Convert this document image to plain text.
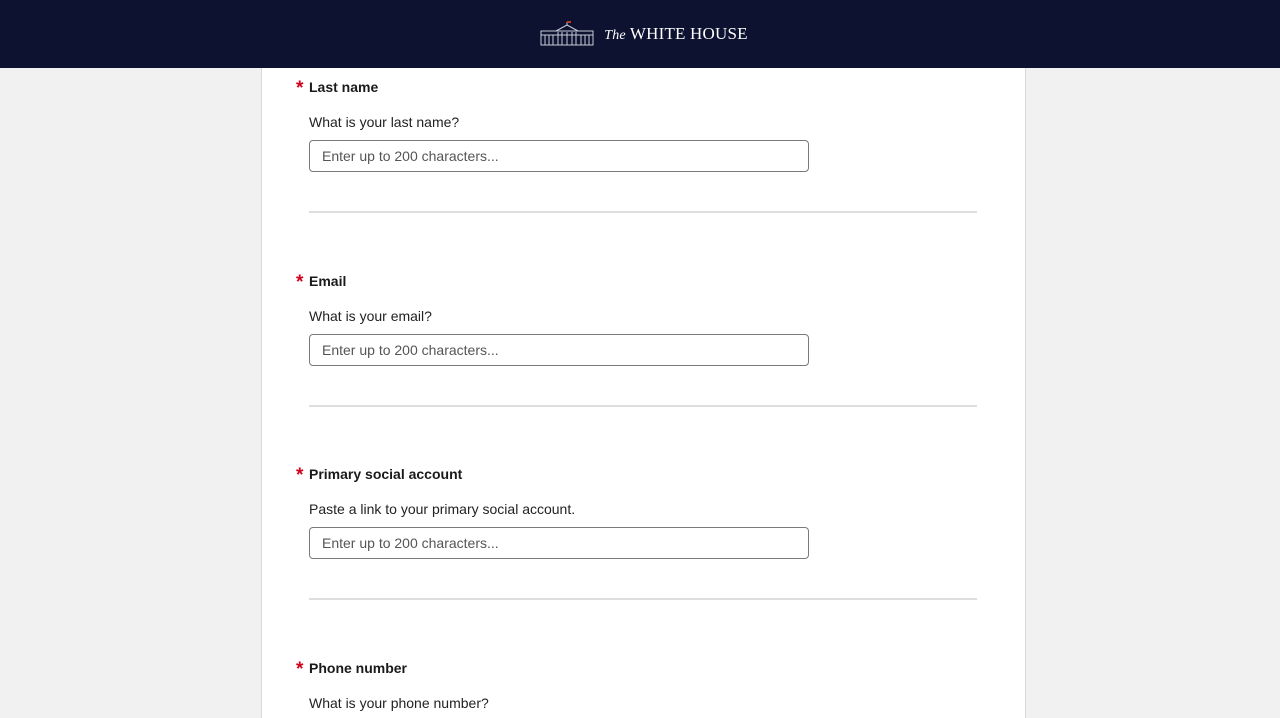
The WHITE HOUSE
* Last name
What is your last name?
Enter up to 200 characters...
* Email
What is your email?
Enter up to 200 characters...
* Primary social account
Paste a link to your primary social account.
Enter up to 200 characters...
* Phone number
What is your phone number?
